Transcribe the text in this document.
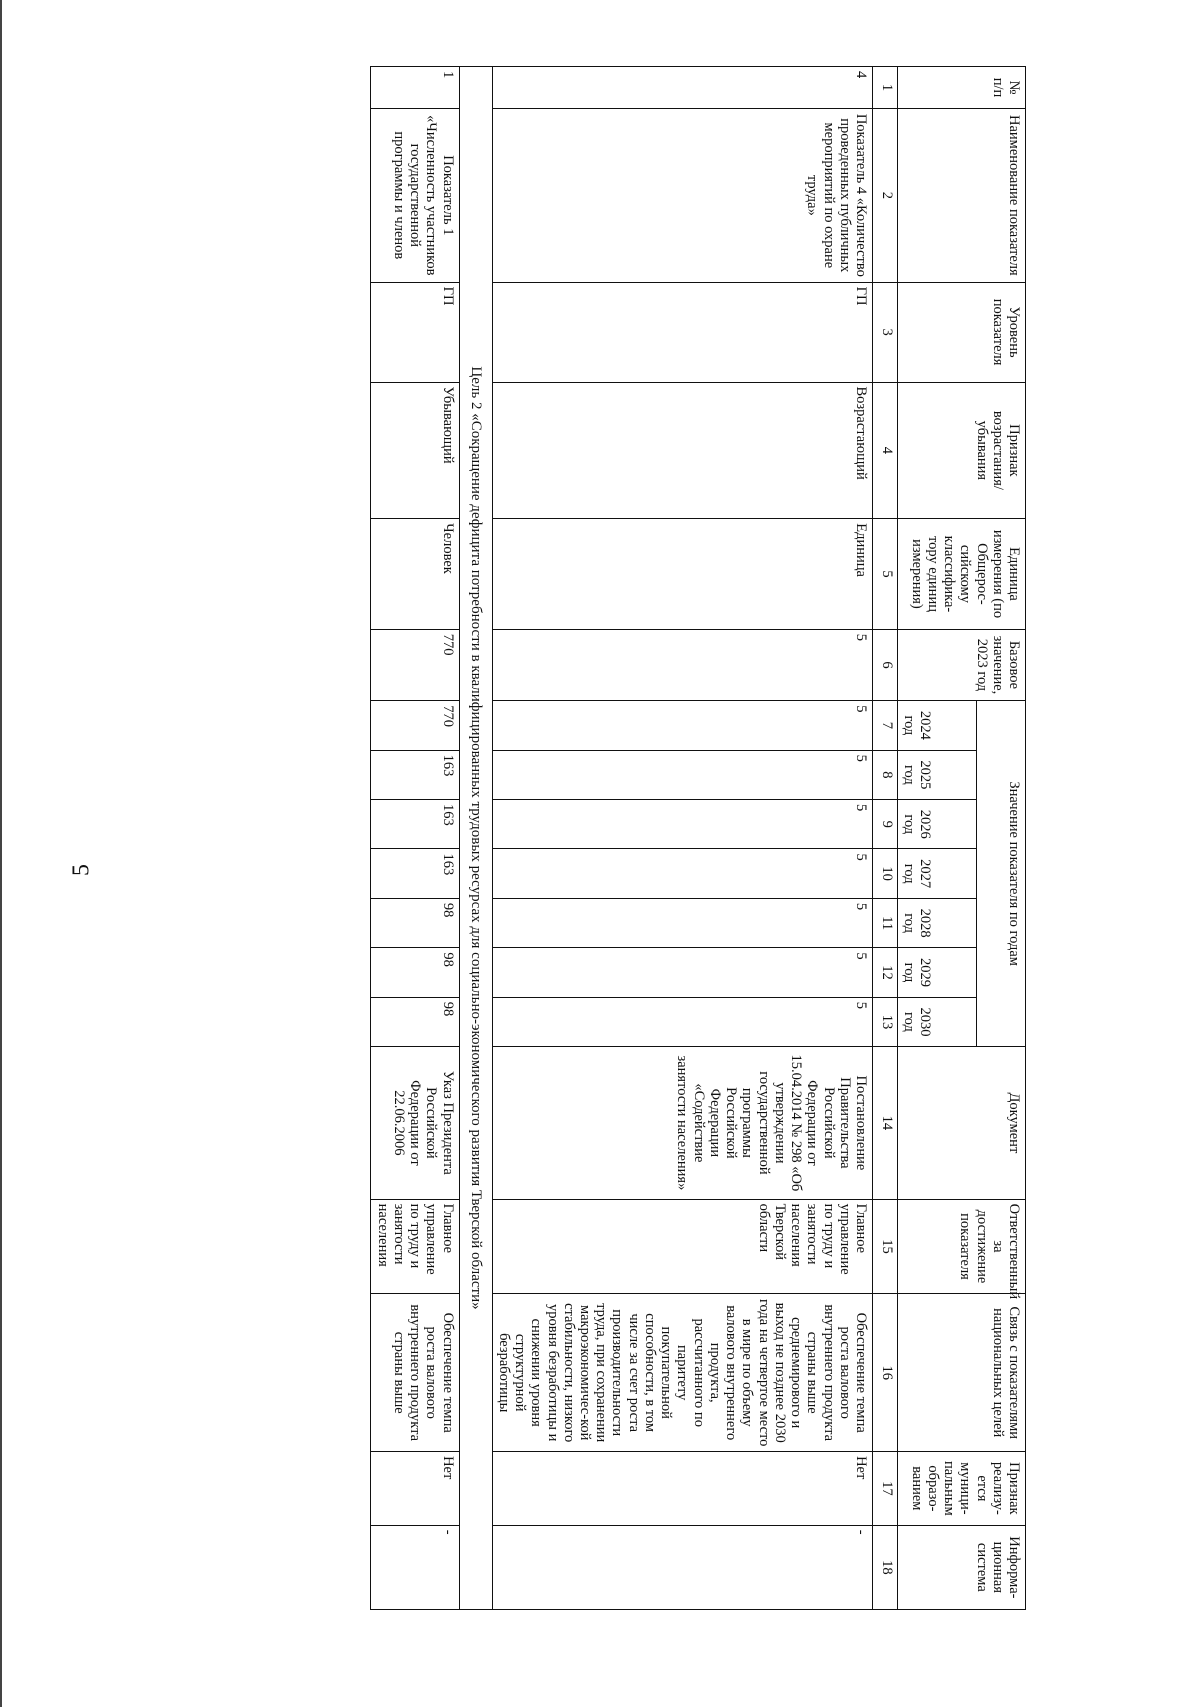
5
№
п/п	Наименование показателя	Уровень показателя	Признак возрастания/ убывания	Единица измерения (по Общерос-сийскому классифика-тору единиц измерения)	Базовое значение, 2023 год	Значение показателя по годам							Документ	Ответственный за достижение показателя	Связь с показателями национальных целей	Признак реализу-ется муници-пальным образо-ванием	Информа-ционная система
						2024 год	2025 год	2026 год	2027 год	2028 год	2029 год	2030 год					
1	2	3	4	5	6	7	8	9	10	11	12	13	14	15	16	17	18
4	Показатель 4 «Количество проведенных публичных мероприятий по охране труда»	ГП	Возрастающий	Единица	5	5	5	5	5	5	5	5	Постановление Правительства Российской Федерации от 15.04.2014 № 298 «Об утверждении государственной программы Российской Федерации «Содействие занятости населения»	Главное управление по труду и занятости населения Тверской области	Обеспечение темпа роста валового внутреннего продукта страны выше среднемирового и выход не позднее 2030 года на четвертое место в мире по объему валового внутреннего продукта, рассчитанного по паритету покупательной способности, в том числе за счет роста производительности труда, при сохранении макроэкономичес-кой стабильности, низкого уровня безработицы и снижении уровня структурной безработицы	Нет	-
Цель 2 «Сокращение дефицита потребности в квалифицированных трудовых ресурсах для социально-экономического развития Тверской области»																	
1	Показатель 1 «Численность участников государственной программы и членов	ГП	Убывающий	Человек	770	770	163	163	163	98	98	98	Указ Президента Российской Федерации от 22.06.2006	Главное управление по труду и занятости населения	Обеспечение темпа роста валового внутреннего продукта страны выше	Нет	-
